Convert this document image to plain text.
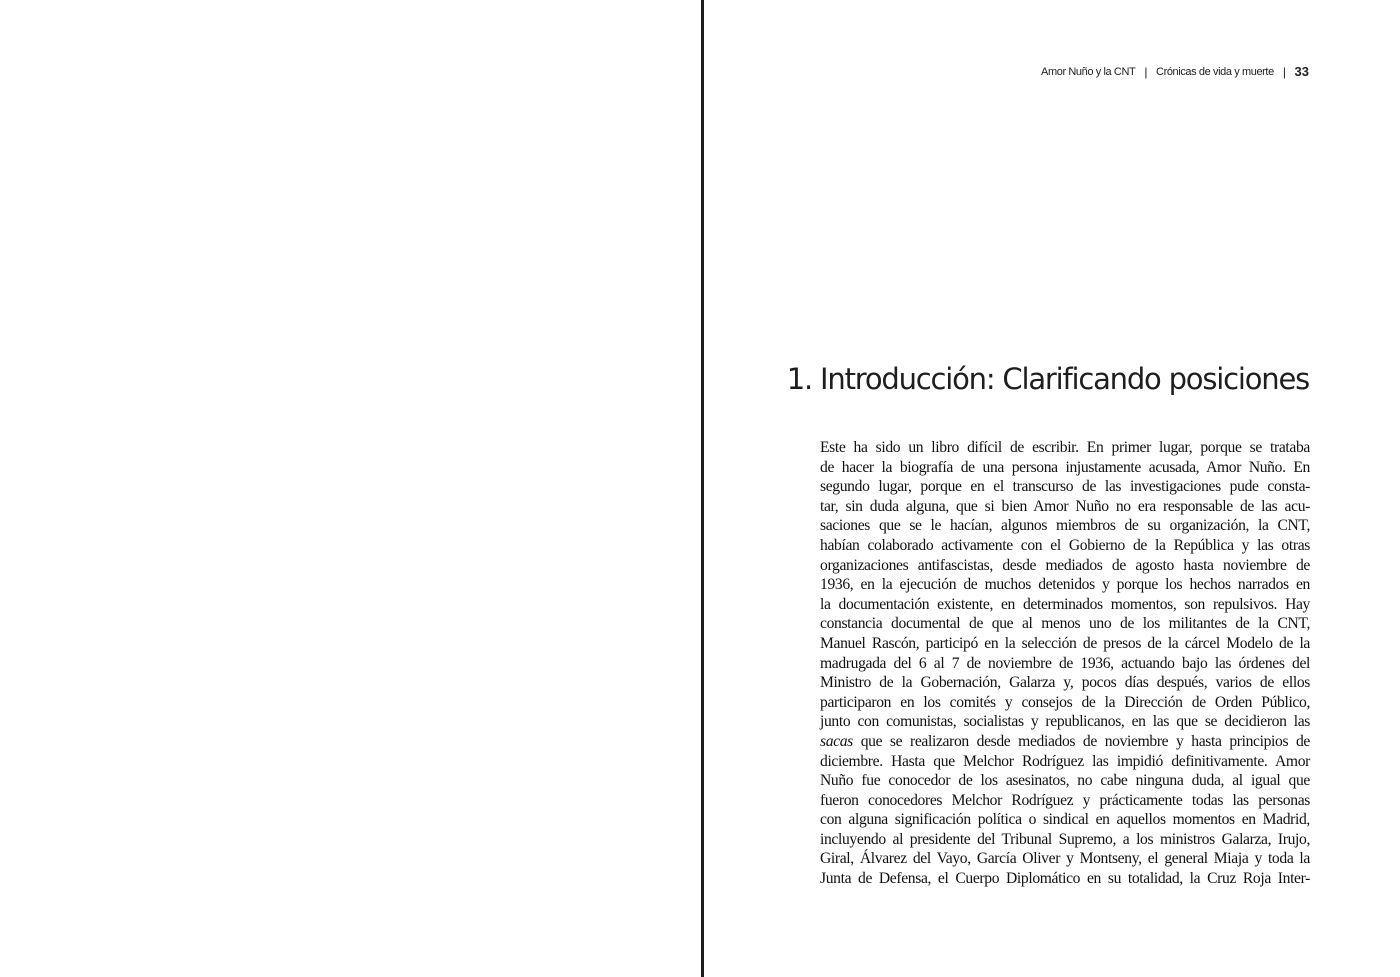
Amor Nuño y la CNT | Crónicas de vida y muerte | 33
1. Introducción: Clarificando posiciones

Este ha sido un libro difícil de escribir. En primer lugar, porque se trataba
de hacer la biografía de una persona injustamente acusada, Amor Nuño. En
segundo lugar, porque en el transcurso de las investigaciones pude consta-
tar, sin duda alguna, que si bien Amor Nuño no era responsable de las acu-
saciones que se le hacían, algunos miembros de su organización, la CNT,
habían colaborado activamente con el Gobierno de la República y las otras
organizaciones antifascistas, desde mediados de agosto hasta noviembre de
1936, en la ejecución de muchos detenidos y porque los hechos narrados en
la documentación existente, en determinados momentos, son repulsivos. Hay
constancia documental de que al menos uno de los militantes de la CNT,
Manuel Rascón, participó en la selección de presos de la cárcel Modelo de la
madrugada del 6 al 7 de noviembre de 1936, actuando bajo las órdenes del
Ministro de la Gobernación, Galarza y, pocos días después, varios de ellos
participaron en los comités y consejos de la Dirección de Orden Público,
junto con comunistas, socialistas y republicanos, en las que se decidieron las
sacas que se realizaron desde mediados de noviembre y hasta principios de
diciembre. Hasta que Melchor Rodríguez las impidió definitivamente. Amor
Nuño fue conocedor de los asesinatos, no cabe ninguna duda, al igual que
fueron conocedores Melchor Rodríguez y prácticamente todas las personas
con alguna significación política o sindical en aquellos momentos en Madrid,
incluyendo al presidente del Tribunal Supremo, a los ministros Galarza, Irujo,
Giral, Álvarez del Vayo, García Oliver y Montseny, el general Miaja y toda la
Junta de Defensa, el Cuerpo Diplomático en su totalidad, la Cruz Roja Inter-
